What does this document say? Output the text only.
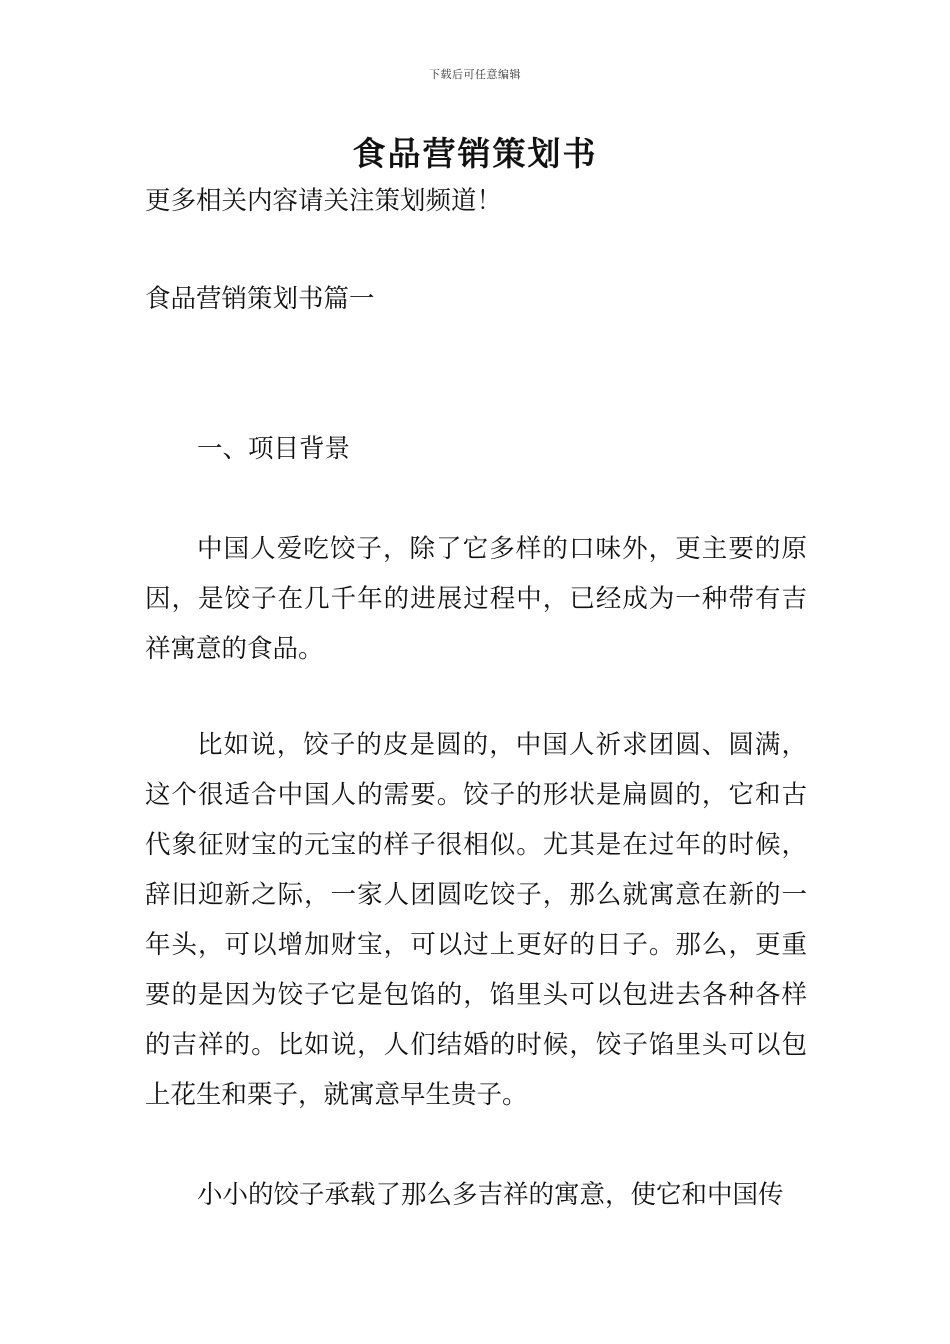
下载后可任意编辑
食品营销策划书

更多相关内容请关注策划频道！

食品营销策划书篇一

一、项目背景

中国人爱吃饺子，除了它多样的口味外，更主要的原因，是饺子在几千年的进展过程中，已经成为一种带有吉祥寓意的食品。

比如说，饺子的皮是圆的，中国人祈求团圆、圆满，这个很适合中国人的需要。饺子的形状是扁圆的，它和古代象征财宝的元宝的样子很相似。尤其是在过年的时候，辞旧迎新之际，一家人团圆吃饺子，那么就寓意在新的一年头，可以增加财宝，可以过上更好的日子。那么，更重要的是因为饺子它是包馅的，馅里头可以包进去各种各样的吉祥的。比如说，人们结婚的时候，饺子馅里头可以包上花生和栗子，就寓意早生贵子。

小小的饺子承载了那么多吉祥的寓意，使它和中国传
